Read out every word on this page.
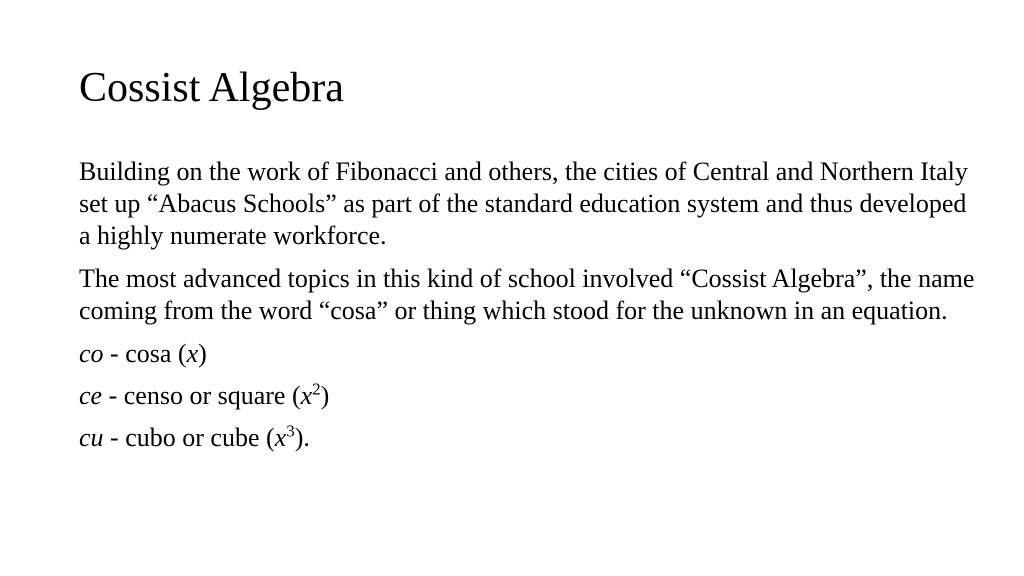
Cossist Algebra

Building on the work of Fibonacci and others, the cities of Central and Northern Italy set up “Abacus Schools” as part of the standard education system and thus developed a highly numerate workforce.

The most advanced topics in this kind of school involved “Cossist Algebra”, the name coming from the word “cosa” or thing which stood for the unknown in an equation.

co - cosa (x)

ce - censo or square $(x^2)$

cu - cubo or cube $(x^3)$.
